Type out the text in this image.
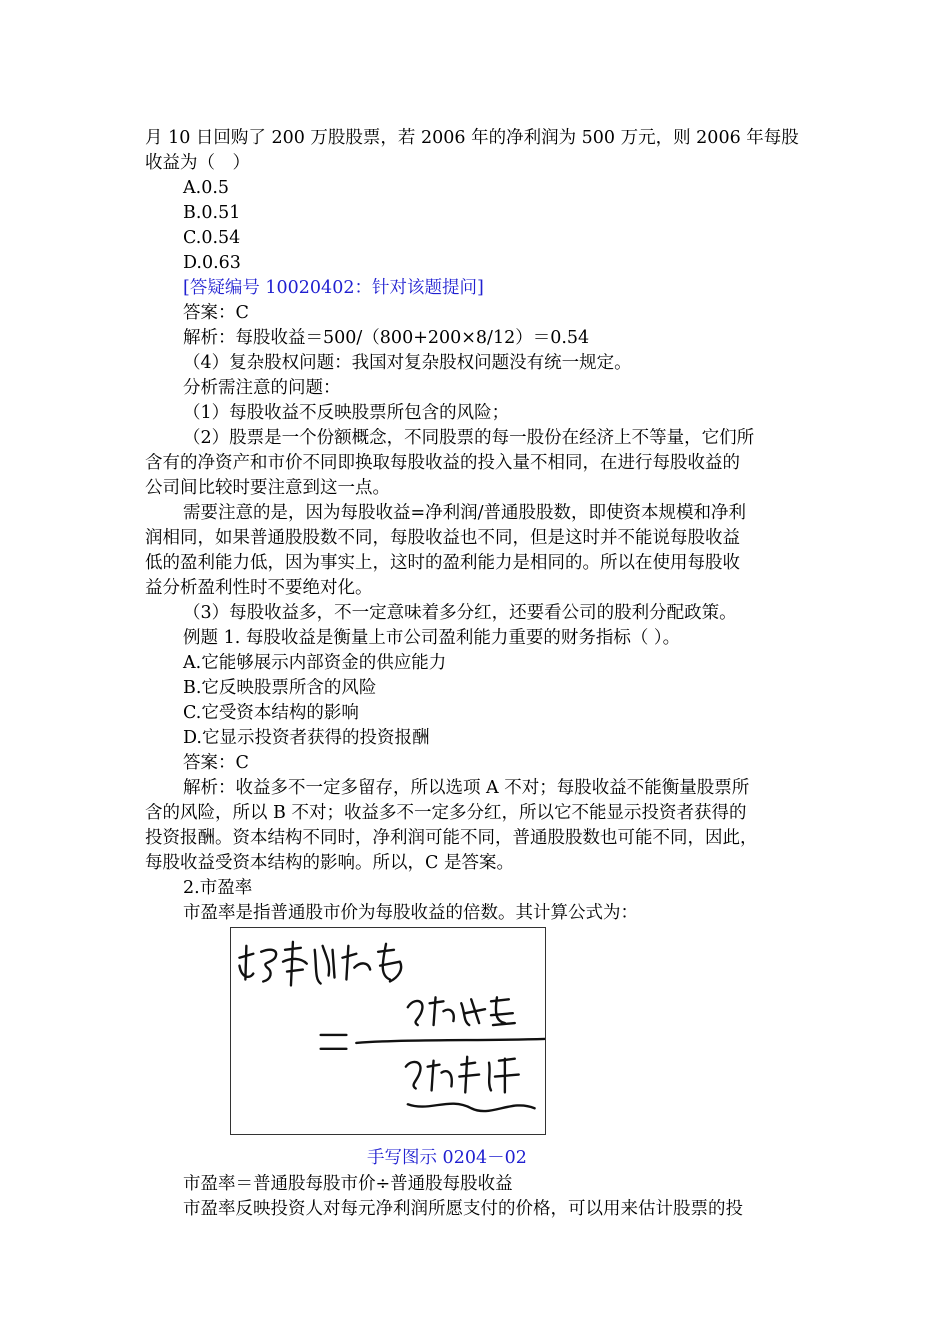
月 10 日回购了 200 万股股票，若 2006 年的净利润为 500 万元，则 2006 年每股
收益为（　）
A.0.5
B.0.51
C.0.54
D.0.63
[答疑编号 10020402：针对该题提问]
答案：C
解析：每股收益＝500/（800+200×8/12）＝0.54
（4）复杂股权问题：我国对复杂股权问题没有统一规定。
分析需注意的问题：
（1）每股收益不反映股票所包含的风险；
（2）股票是一个份额概念，不同股票的每一股份在经济上不等量，它们所
含有的净资产和市价不同即换取每股收益的投入量不相同，在进行每股收益的
公司间比较时要注意到这一点。
需要注意的是，因为每股收益=净利润/普通股股数，即使资本规模和净利
润相同，如果普通股股数不同，每股收益也不同，但是这时并不能说每股收益
低的盈利能力低，因为事实上，这时的盈利能力是相同的。所以在使用每股收
益分析盈利性时不要绝对化。
（3）每股收益多，不一定意味着多分红，还要看公司的股利分配政策。
例题 1. 每股收益是衡量上市公司盈利能力重要的财务指标（ ）。
A.它能够展示内部资金的供应能力
B.它反映股票所含的风险
C.它受资本结构的影响
D.它显示投资者获得的投资报酬
答案：C
解析：收益多不一定多留存，所以选项 A 不对；每股收益不能衡量股票所
含的风险，所以 B 不对；收益多不一定多分红，所以它不能显示投资者获得的
投资报酬。资本结构不同时，净利润可能不同，普通股股数也可能不同，因此，
每股收益受资本结构的影响。所以，C 是答案。
2.市盈率
市盈率是指普通股市价为每股收益的倍数。其计算公式为：
手写图示 0204－02
市盈率＝普通股每股市价÷普通股每股收益
市盈率反映投资人对每元净利润所愿支付的价格，可以用来估计股票的投
